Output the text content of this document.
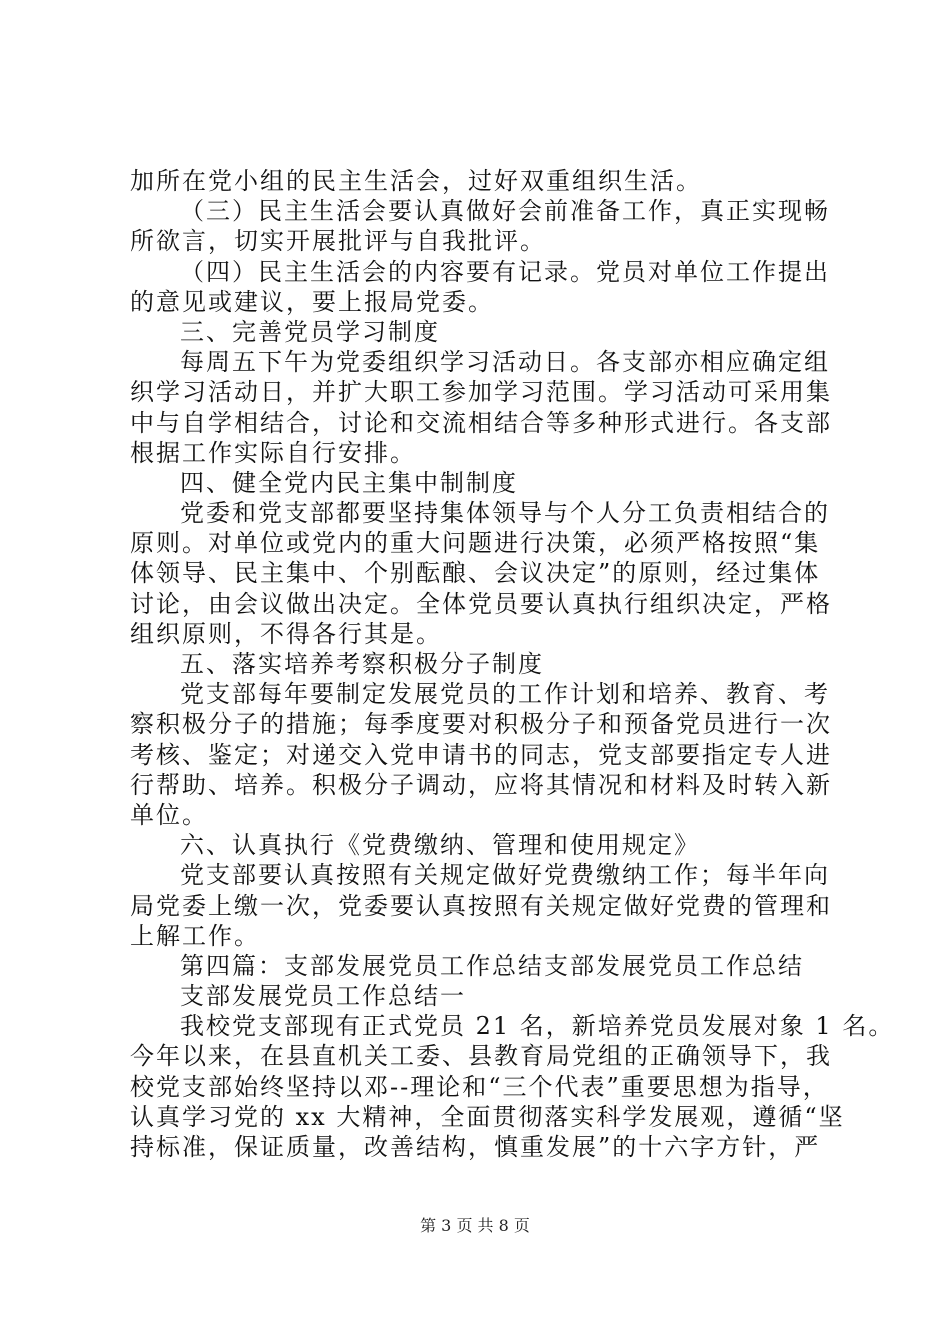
加所在党小组的民主生活会，过好双重组织生活。
（三）民主生活会要认真做好会前准备工作，真正实现畅
所欲言，切实开展批评与自我批评。
（四）民主生活会的内容要有记录。党员对单位工作提出
的意见或建议，要上报局党委。
三、完善党员学习制度
每周五下午为党委组织学习活动日。各支部亦相应确定组
织学习活动日，并扩大职工参加学习范围。学习活动可采用集
中与自学相结合，讨论和交流相结合等多种形式进行。各支部
根据工作实际自行安排。
四、健全党内民主集中制制度
党委和党支部都要坚持集体领导与个人分工负责相结合的
原则。对单位或党内的重大问题进行决策，必须严格按照“集
体领导、民主集中、个别酝酿、会议决定”的原则，经过集体
讨论，由会议做出决定。全体党员要认真执行组织决定，严格
组织原则，不得各行其是。
五、落实培养考察积极分子制度
党支部每年要制定发展党员的工作计划和培养、教育、考
察积极分子的措施；每季度要对积极分子和预备党员进行一次
考核、鉴定；对递交入党申请书的同志，党支部要指定专人进
行帮助、培养。积极分子调动，应将其情况和材料及时转入新
单位。
六、认真执行《党费缴纳、管理和使用规定》
党支部要认真按照有关规定做好党费缴纳工作；每半年向
局党委上缴一次，党委要认真按照有关规定做好党费的管理和
上解工作。
第四篇：支部发展党员工作总结支部发展党员工作总结
支部发展党员工作总结一
我校党支部现有正式党员 21 名，新培养党员发展对象 1 名。
今年以来，在县直机关工委、县教育局党组的正确领导下，我
校党支部始终坚持以邓--理论和“三个代表”重要思想为指导，
认真学习党的 xx 大精神，全面贯彻落实科学发展观，遵循“坚
持标准，保证质量，改善结构，慎重发展”的十六字方针，严
第 3 页 共 8 页
